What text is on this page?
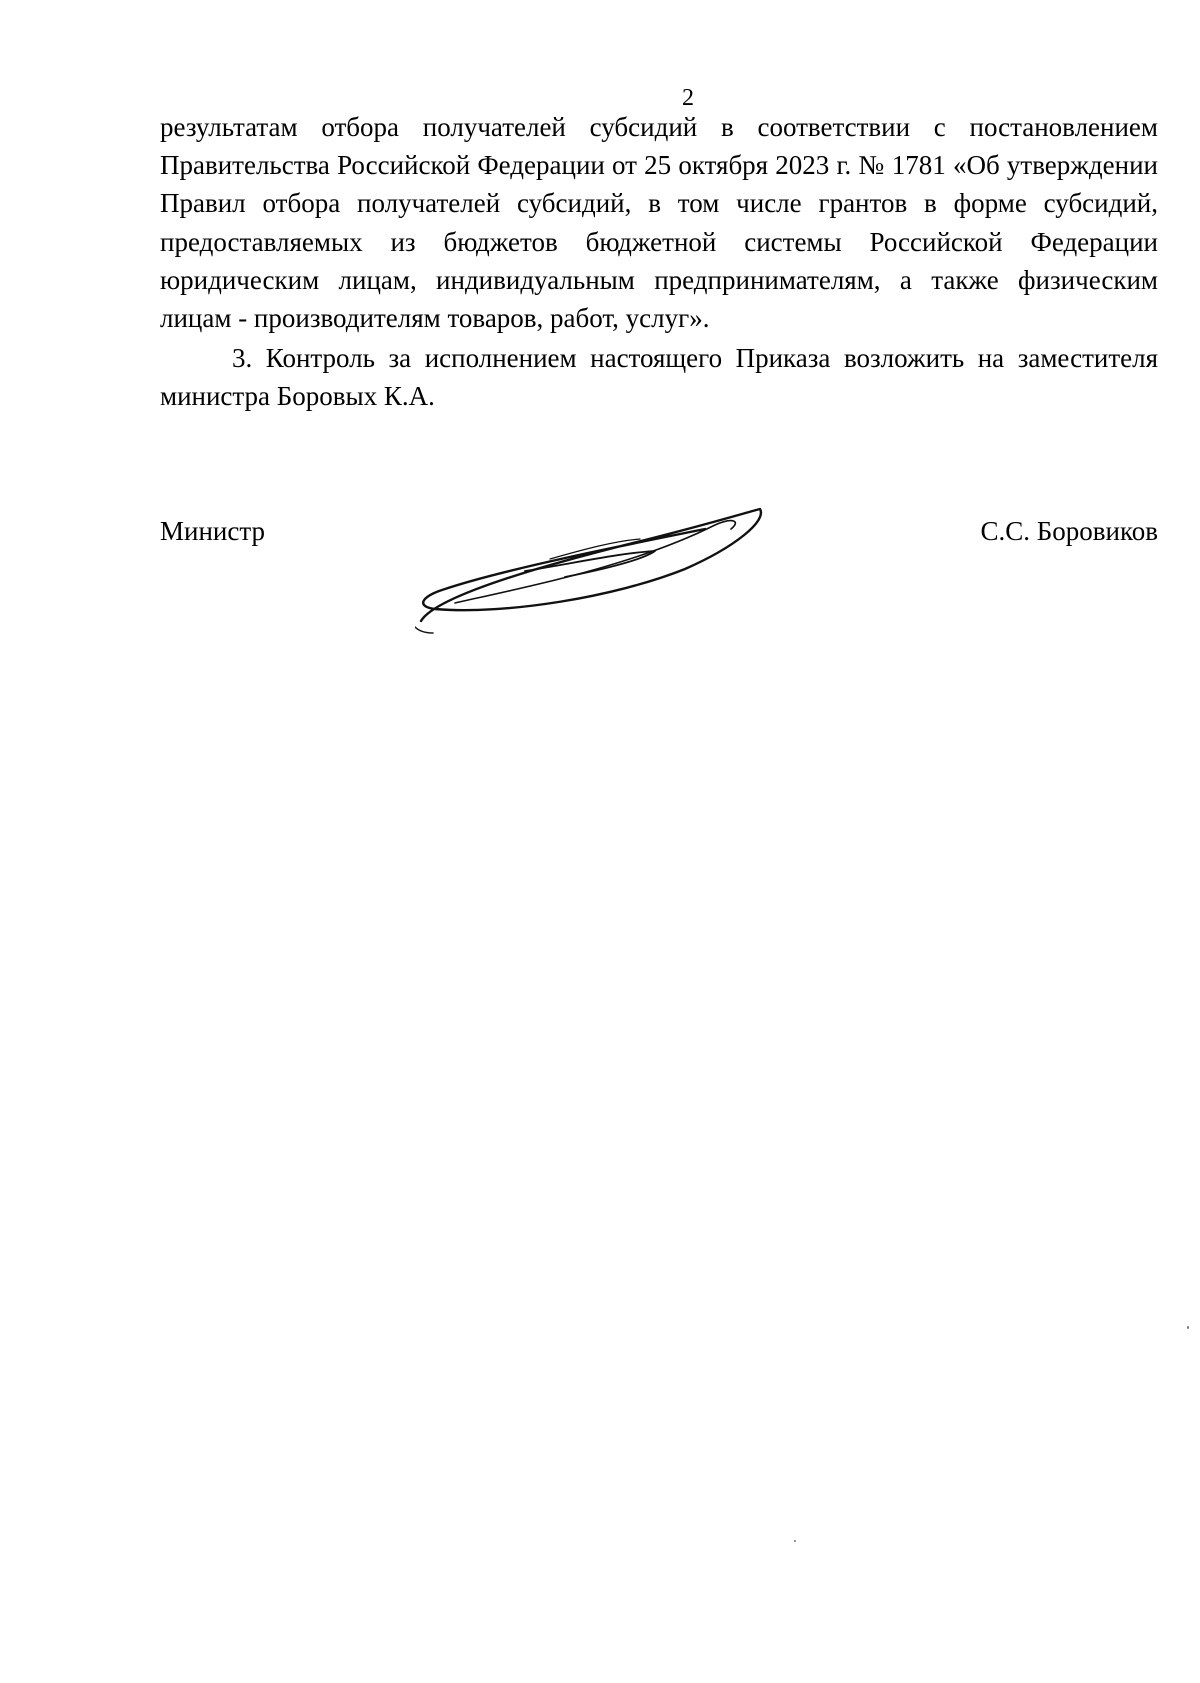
2

результатам отбора получателей субсидий в соответствии с постановлением Правительства Российской Федерации от 25 октября 2023 г. № 1781 «Об утверждении Правил отбора получателей субсидий, в том числе грантов в форме субсидий, предоставляемых из бюджетов бюджетной системы Российской Федерации юридическим лицам, индивидуальным предпринимателям, а также физическим лицам - производителям товаров, работ, услуг».

3. Контроль за исполнением настоящего Приказа возложить на заместителя министра Боровых К.А.

Министр	С.С. Боровиков
